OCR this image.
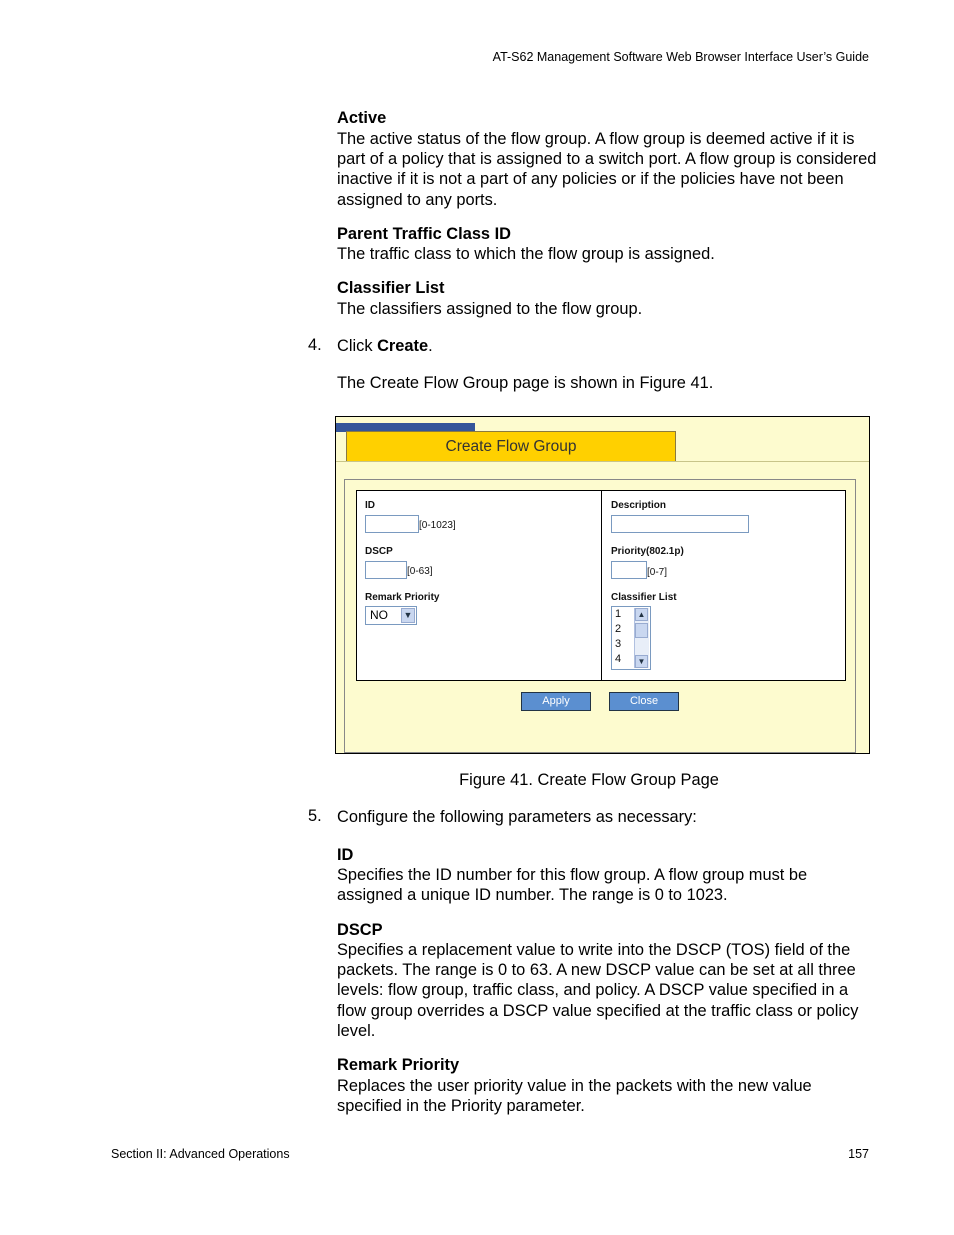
AT-S62 Management Software Web Browser Interface User’s Guide
Active
The active status of the flow group. A flow group is deemed active if it is part of a policy that is assigned to a switch port. A flow group is considered inactive if it is not a part of any policies or if the policies have not been assigned to any ports.
Parent Traffic Class ID
The traffic class to which the flow group is assigned.
Classifier List
The classifiers assigned to the flow group.
4. Click Create.
The Create Flow Group page is shown in Figure 41.
Create Flow Group
ID
[0-1023]
DSCP
[0-63]
Remark Priority
NO ▼
Description
Priority(802.1p)
[0-7]
Classifier List
1
2
3
4
▲
▼
Apply	Close
Figure 41. Create Flow Group Page
5. Configure the following parameters as necessary:
ID
Specifies the ID number for this flow group. A flow group must be assigned a unique ID number. The range is 0 to 1023.
DSCP
Specifies a replacement value to write into the DSCP (TOS) field of the packets. The range is 0 to 63. A new DSCP value can be set at all three levels: flow group, traffic class, and policy. A DSCP value specified in a flow group overrides a DSCP value specified at the traffic class or policy level.
Remark Priority
Replaces the user priority value in the packets with the new value specified in the Priority parameter.
Section II: Advanced Operations	157
